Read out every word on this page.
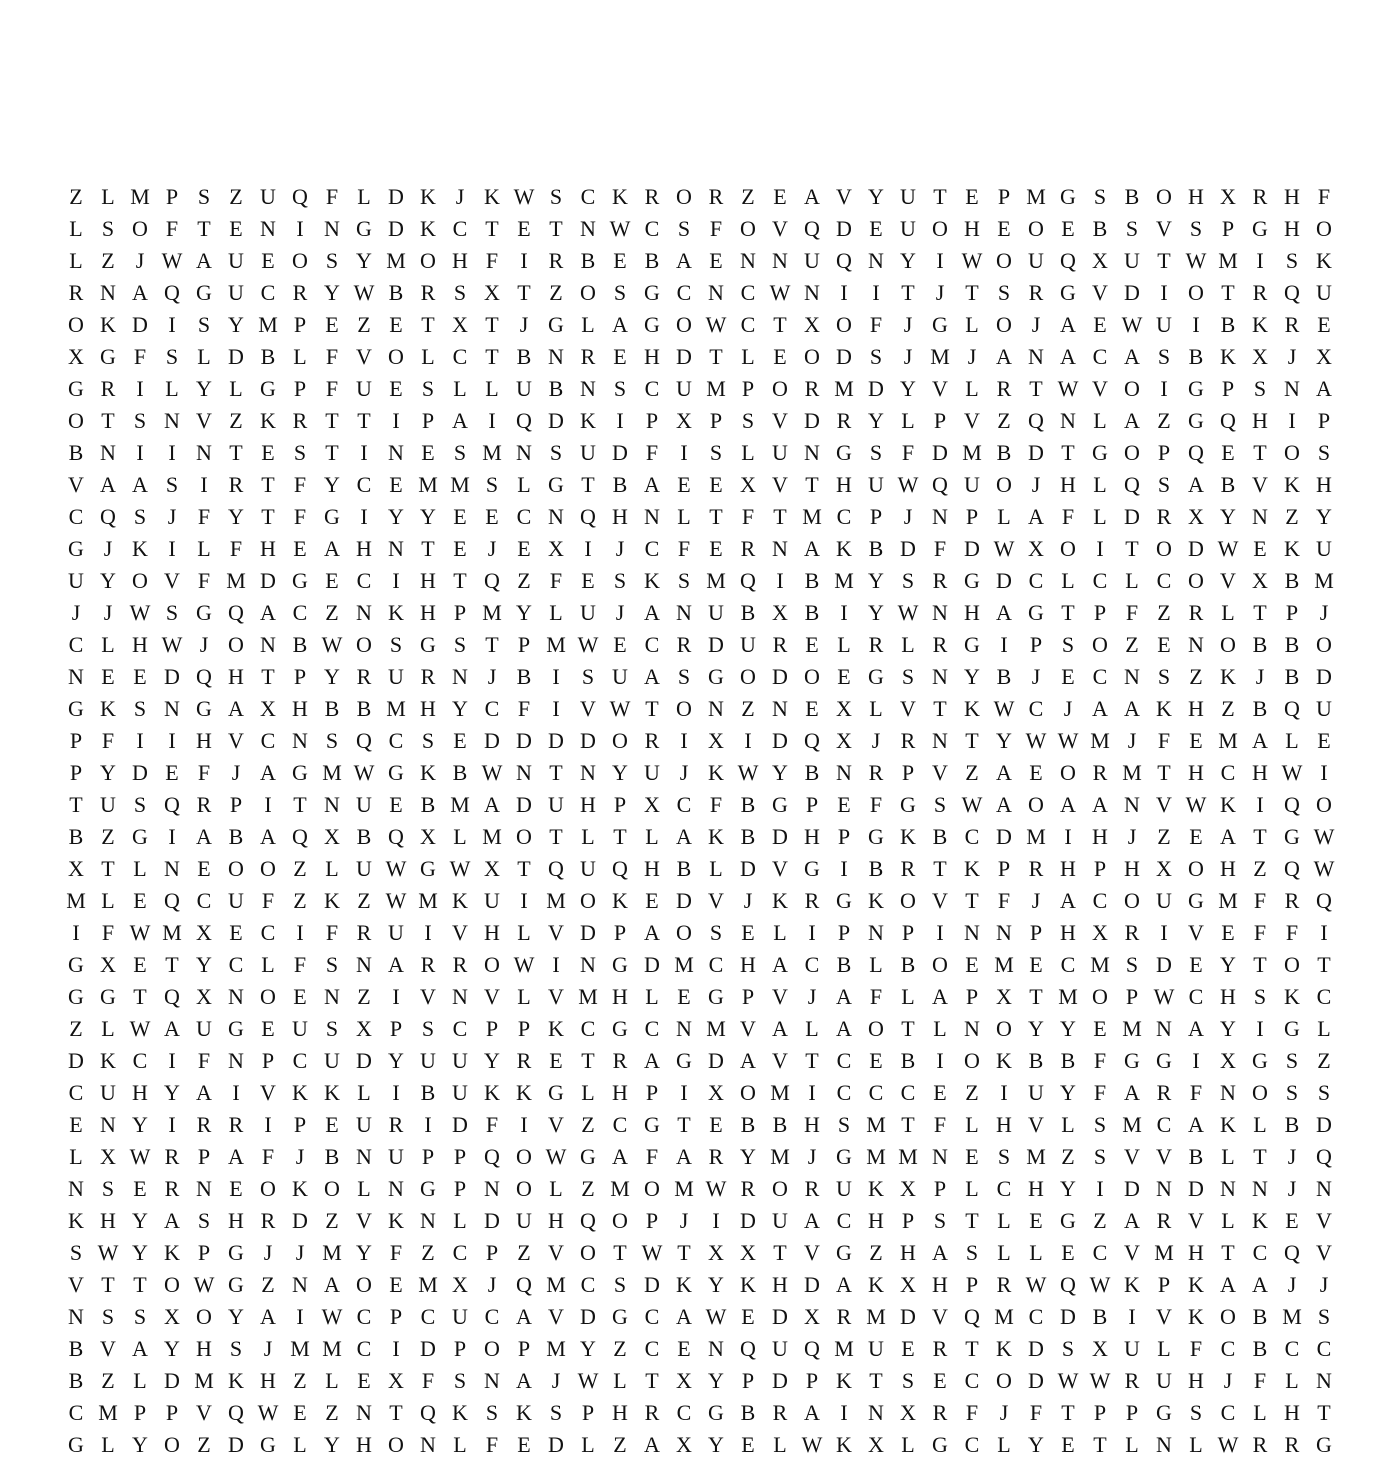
Z L M P S Z U Q F L D K J K W S C K R O R Z E A V Y U T E P M G S B O H X R H F
L S O F T E N I N G D K C T E T N W C S F O V Q D E U O H E O E B S V S P G H O
L Z J W A U E O S Y M O H F	I R B E B A E N N U Q N Y I W O U Q X U T W M I	S K
R N A Q G U C R Y W B R S X T Z O S G C N C W N I	I T J T S R G V D I O T R Q U
O K D I	S Y M P E Z E T X T J G L A G O W C T X O F J G L O J A E W U I B K R E
X G F S L D B L F V O L C T B N R E H D T L E O D S J M J A N A C A S B K X J X
G R I L Y L G P F U E S L L U B N S C U M P O R M D Y V L R T W V O I G P S N A
O T S N V Z K R T T I	P A I Q D K I	P X P S V D R Y L P V Z Q N L A Z G Q H I	P
B N I	I N T E S T I N E S M N S U D F	I	S L U N G S F D M B D T G O P Q E T O S
V A A S	I R T F Y C E M M S L G T B A E E X V T H U W Q U O J H L Q S A B V K H
C Q S J F Y T F G I Y Y E E C N Q H N L T F T M C P J N P L A F L D R X Y N Z Y
G J K I L F H E A H N T E J E X I	J C F E R N A K B D F D W X O I T O D W E K U
U Y O V F M D G E C I H T Q Z F E S K S M Q I B M Y S R G D C L C L C O V X B M
J	J W S G Q A C Z N K H P M Y L U J A N U B X B I Y W N H A G T P F Z R L T P J
C L H W J O N B W O S G S T P M W E C R D U R E L R L R G I	P S O Z E N O B B O
N E E D Q H T P Y R U R N J B I	S U A S G O D O E G S N Y B J E C N S Z K J B D
G K S N G A X H B B M H Y C F	I V W T O N Z N E X L V T K W C J A A K H Z B Q U
P F	I	I H V C N S Q C S E D D D D O R I X I D Q X J R N T Y W W M J F E M A L E
P Y D E F J A G M W G K B W N T N Y U J K W Y B N R P V Z A E O R M T H C H W I
T U S Q R P	I T N U E B M A D U H P X C F B G P E F G S W A O A A N V W K I Q O
B Z G I A B A Q X B Q X L M O T L T L A K B D H P G K B C D M I H J Z E A T G W
X T L N E O O Z L U W G W X T Q U Q H B L D V G I B R T K P R H P H X O H Z Q W
M L E Q C U F Z K Z W M K U I M O K E D V J K R G K O V T F J A C O U G M F R Q
I	F W M X E C I	F R U I V H L V D P A O S E L I	P N P	I N N P H X R I V E F F	I
G X E T Y C L F S N A R R O W I N G D M C H A C B L B O E M E C M S D E Y T O T
G G T Q X N O E N Z I V N V L V M H L E G P V J A F L A P X T M O P W C H S K C
Z L W A U G E U S X P S C P P K C G C N M V A L A O T L N O Y Y E M N A Y I G L
D K C I	F N P C U D Y U U Y R E T R A G D A V T C E B I O K B B F G G I X G S Z
C U H Y A I V K K L I B U K K G L H P	I X O M I C C C E Z I U Y F A R F N O S S
E N Y I R R I	P E U R I D F	I V Z C G T E B B H S M T F L H V L S M C A K L B D
L X W R P A F J B N U P P Q O W G A F A R Y M J G M M N E S M Z S V V B L T J Q
N S E R N E O K O L N G P N O L Z M O M W R O R U K X P L C H Y I D N D N N J N
K H Y A S H R D Z V K N L D U H Q O P J	I D U A C H P S T L E G Z A R V L K E V
S W Y K P G J	J M Y F Z C P Z V O T W T X X T V G Z H A S L L E C V M H T C Q V
V T T O W G Z N A O E M X J Q M C S D K Y K H D A K X H P R W Q W K P K A A J	J
N S S X O Y A I W C P C U C A V D G C A W E D X R M D V Q M C D B I V K O B M S
B V A Y H S J M M C I D P O P M Y Z C E N Q U Q M U E R T K D S X U L F C B C C
B Z L D M K H Z L E X F S N A J W L T X Y P D P K T S E C O D W W R U H J F L N
C M P P V Q W E Z N T Q K S K S P H R C G B R A I N X R F J F T P P G S C L H T
G L Y O Z D G L Y H O N L F E D L Z A X Y E L W K X L G C L Y E T L N L W R R G
